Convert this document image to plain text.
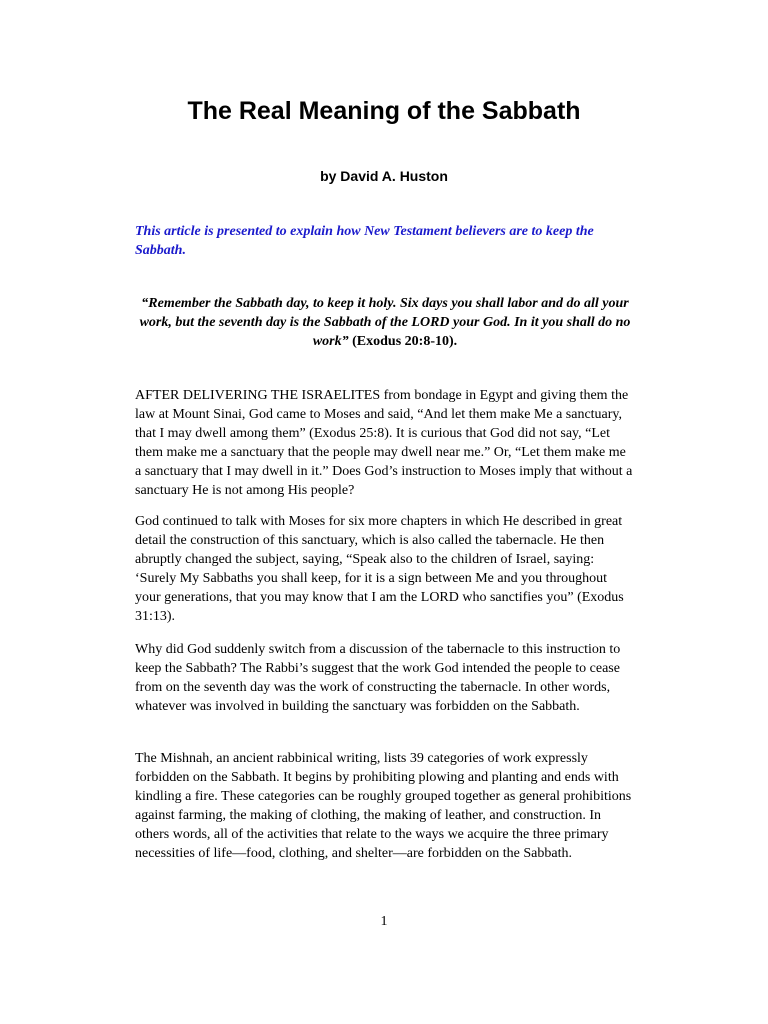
The Real Meaning of the Sabbath
by David A. Huston
This article is presented to explain how New Testament believers are to keep the Sabbath.
“Remember the Sabbath day, to keep it holy. Six days you shall labor and do all your work, but the seventh day is the Sabbath of the LORD your God. In it you shall do no work” (Exodus 20:8-10).

AFTER DELIVERING THE ISRAELITES from bondage in Egypt and giving them the law at Mount Sinai, God came to Moses and said, “And let them make Me a sanctuary, that I may dwell among them” (Exodus 25:8). It is curious that God did not say, “Let them make me a sanctuary that the people may dwell near me.” Or, “Let them make me a sanctuary that I may dwell in it.” Does God’s instruction to Moses imply that without a sanctuary He is not among His people?

God continued to talk with Moses for six more chapters in which He described in great detail the construction of this sanctuary, which is also called the tabernacle. He then abruptly changed the subject, saying, “Speak also to the children of Israel, saying: ‘Surely My Sabbaths you shall keep, for it is a sign between Me and you throughout your generations, that you may know that I am the LORD who sanctifies you” (Exodus 31:13).

Why did God suddenly switch from a discussion of the tabernacle to this instruction to keep the Sabbath? The Rabbi’s suggest that the work God intended the people to cease from on the seventh day was the work of constructing the tabernacle. In other words, whatever was involved in building the sanctuary was forbidden on the Sabbath.

The Mishnah, an ancient rabbinical writing, lists 39 categories of work expressly forbidden on the Sabbath. It begins by prohibiting plowing and planting and ends with kindling a fire. These categories can be roughly grouped together as general prohibitions against farming, the making of clothing, the making of leather, and construction. In others words, all of the activities that relate to the ways we acquire the three primary necessities of life—food, clothing, and shelter—are forbidden on the Sabbath.

1
